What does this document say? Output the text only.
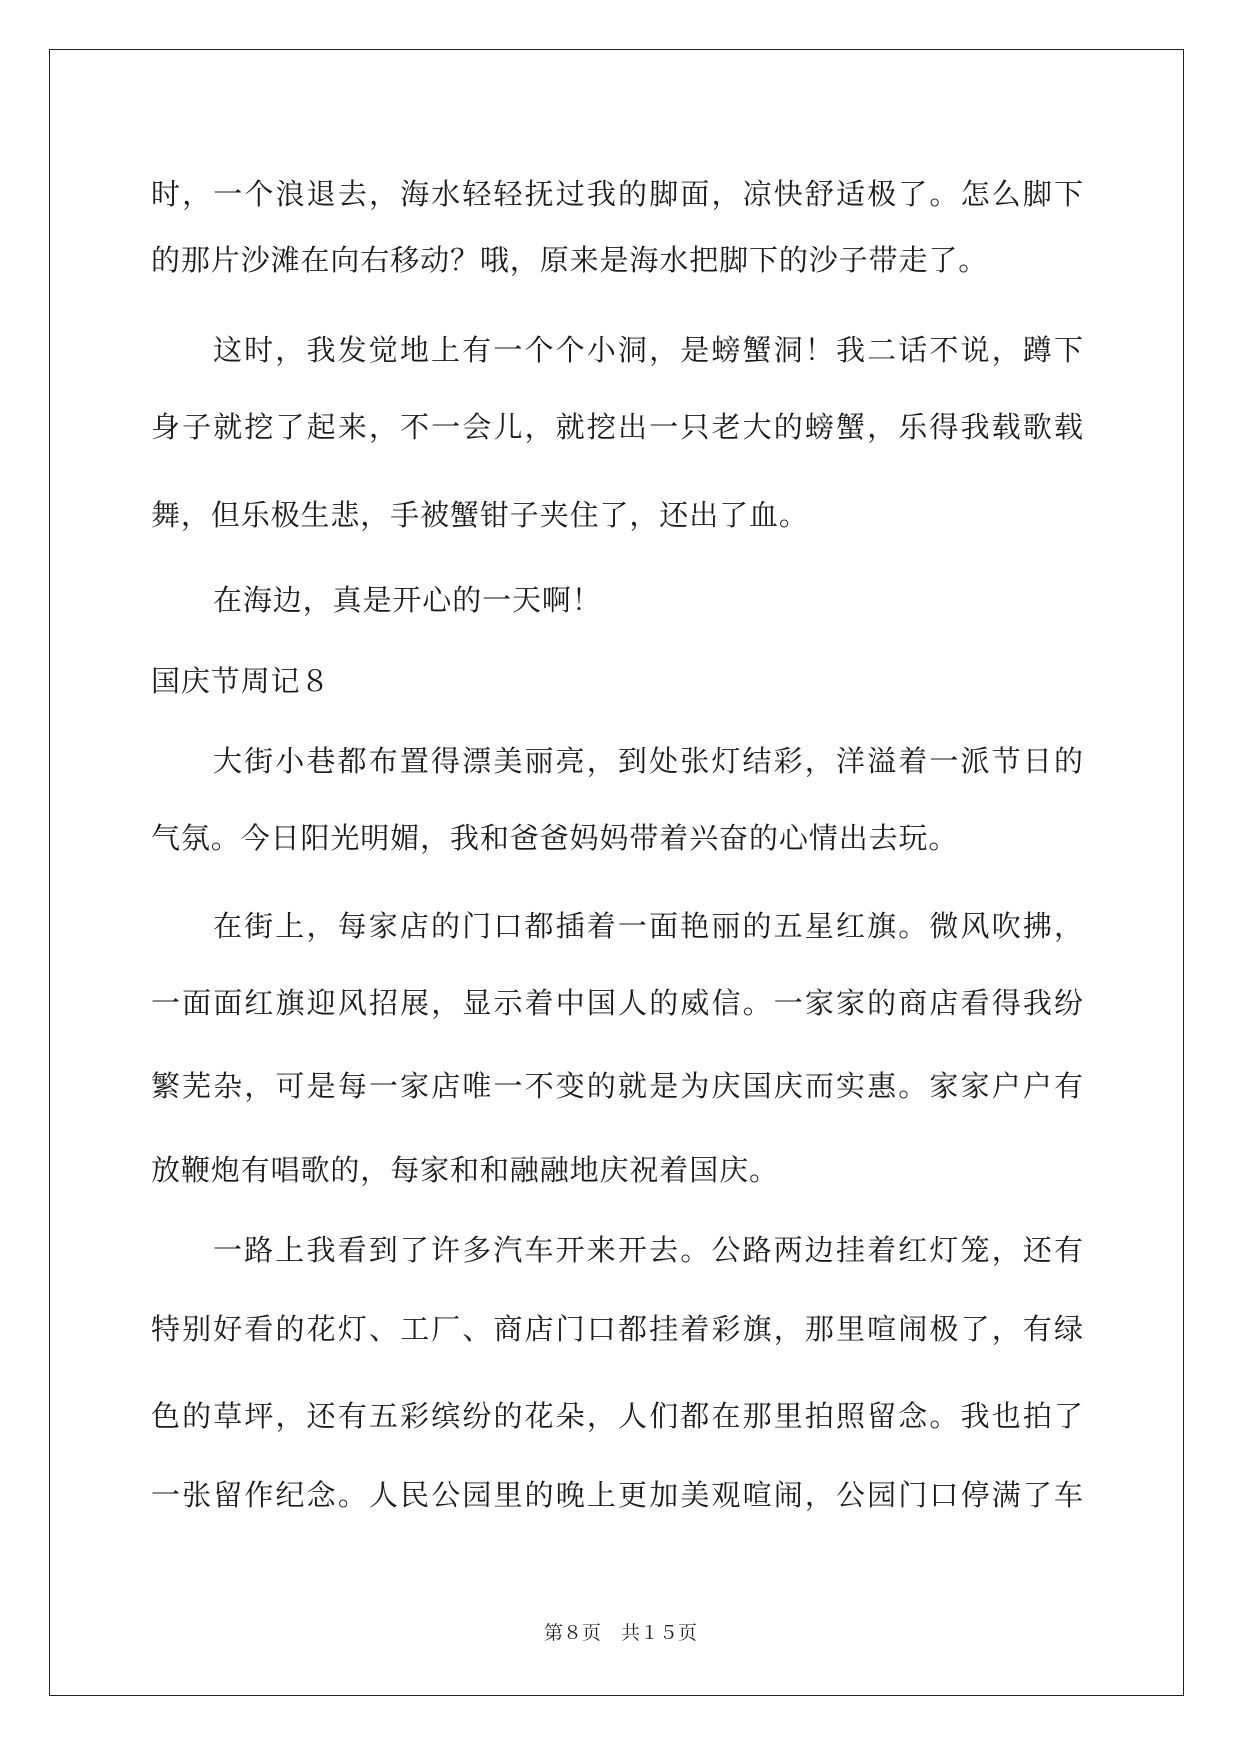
时，一个浪退去，海水轻轻抚过我的脚面，凉快舒适极了。怎么脚下
的那片沙滩在向右移动？哦，原来是海水把脚下的沙子带走了。
这时，我发觉地上有一个个小洞，是螃蟹洞！我二话不说，蹲下
身子就挖了起来，不一会儿，就挖出一只老大的螃蟹，乐得我载歌载
舞，但乐极生悲，手被蟹钳子夹住了，还出了血。
在海边，真是开心的一天啊！
国庆节周记８
大街小巷都布置得漂美丽亮，到处张灯结彩，洋溢着一派节日的
气氛。今日阳光明媚，我和爸爸妈妈带着兴奋的心情出去玩。
在街上，每家店的门口都插着一面艳丽的五星红旗。微风吹拂，
一面面红旗迎风招展，显示着中国人的威信。一家家的商店看得我纷
繁芜杂，可是每一家店唯一不变的就是为庆国庆而实惠。家家户户有
放鞭炮有唱歌的，每家和和融融地庆祝着国庆。
一路上我看到了许多汽车开来开去。公路两边挂着红灯笼，还有
特别好看的花灯、工厂、商店门口都挂着彩旗，那里喧闹极了，有绿
色的草坪，还有五彩缤纷的花朵，人们都在那里拍照留念。我也拍了
一张留作纪念。人民公园里的晚上更加美观喧闹，公园门口停满了车
第８页 共１５页
